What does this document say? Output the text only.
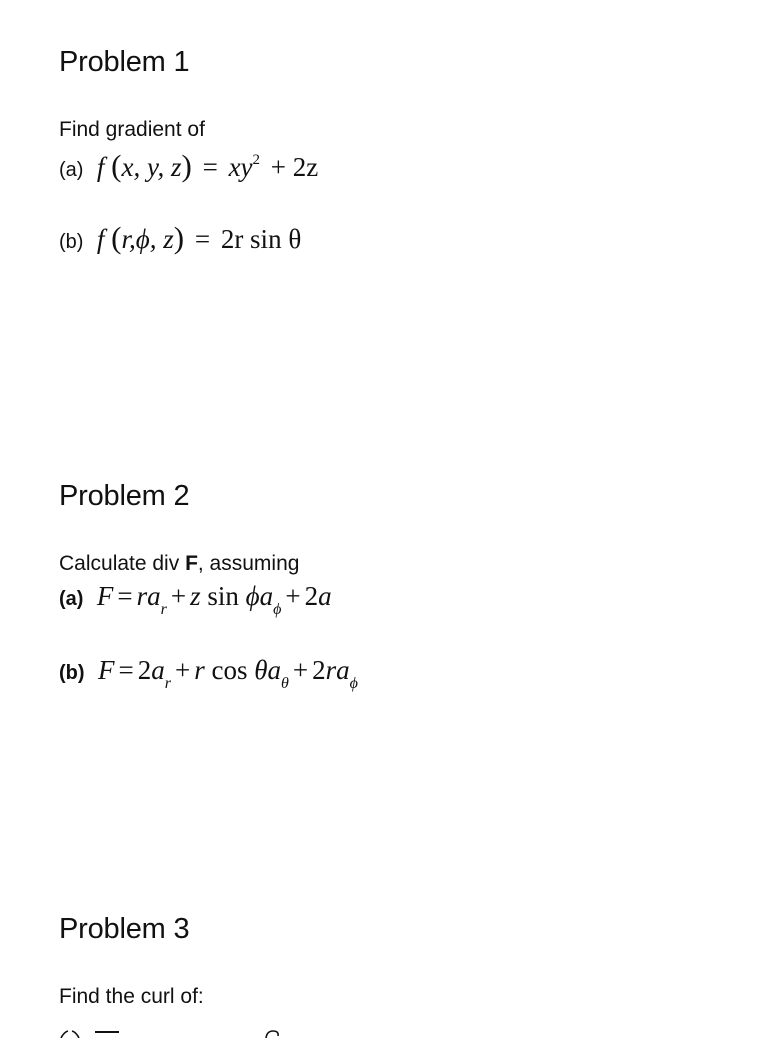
Problem 1
Find gradient of
(a) f (x, y, $z) = xy^2 + 2z$
(b) f (r,ϕ, z) = 2r sin θ
Problem 2
Calculate div F, assuming
(a) $F = ra_r + z$ $\sin \phi a_\phi + 2a$
(b) $F = 2a_r + r$ $\cos \theta a_\theta + 2ra_\phi$
Problem 3
Find the curl of:
